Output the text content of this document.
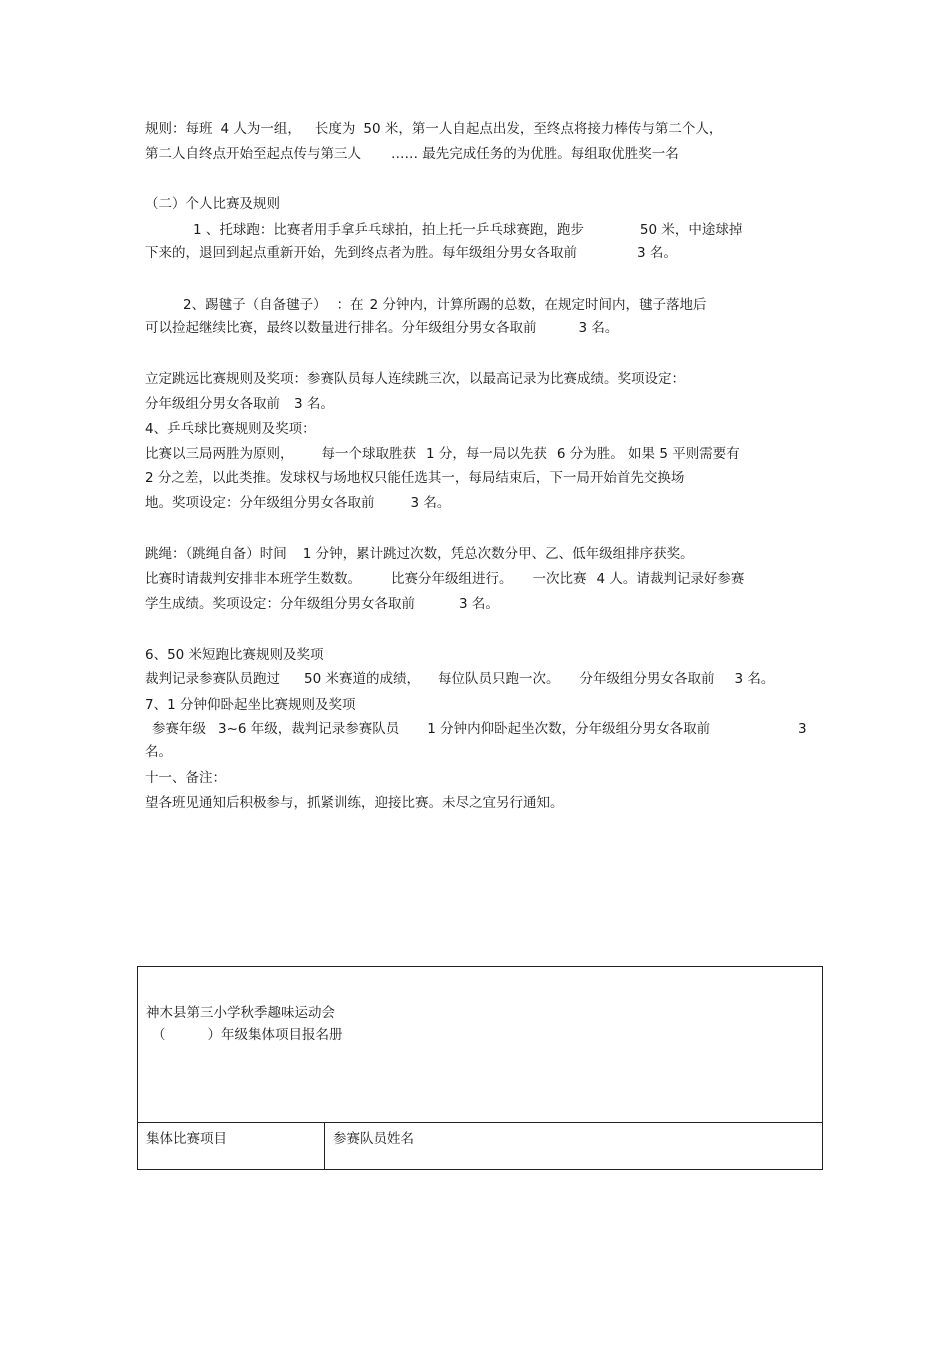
规则：每班 4 人为一组， 长度为 50 米，第一人自起点出发，至终点将接力棒传与第二个人，
第二人自终点开始至起点传与第三人 …… 最先完成任务的为优胜。每组取优胜奖一名
（二）个人比赛及规则
1 、托球跑：比赛者用手拿乒乓球拍，拍上托一乒乓球赛跑，跑步	50 米，中途球掉
下来的，退回到起点重新开始，先到终点者为胜。每年级组分男女各取前	3 名。
2、踢毽子（自备毽子） ：在 2 分钟内，计算所踢的总数，在规定时间内，毽子落地后
可以捡起继续比赛，最终以数量进行排名。分年级组分男女各取前	3 名。
立定跳远比赛规则及奖项：参赛队员每人连续跳三次，以最高记录为比赛成绩。奖项设定：
分年级组分男女各取前 3 名。
4、乒乓球比赛规则及奖项：
比赛以三局两胜为原则， 每一个球取胜获 1 分，每一局以先获 6 分为胜。 如果 5 平则需要有
2 分之差，以此类推。发球权与场地权只能任选其一，每局结束后，下一局开始首先交换场
地。奖项设定：分年级组分男女各取前	3 名。
跳绳：（跳绳自备）时间 1 分钟，累计跳过次数，凭总次数分甲、乙、低年级组排序获奖。
比赛时请裁判安排非本班学生数数。 比赛分年级组进行。 一次比赛 4 人。请裁判记录好参赛
学生成绩。奖项设定：分年级组分男女各取前	3 名。
6、50 米短跑比赛规则及奖项
裁判记录参赛队员跑过 50 米赛道的成绩， 每位队员只跑一次。 分年级组分男女各取前 3 名。
7、1 分钟仰卧起坐比赛规则及奖项
参赛年级 3~6 年级，裁判记录参赛队员 1 分钟内仰卧起坐次数，分年级组分男女各取前	3
名。
十一、备注：
望各班见通知后积极参与，抓紧训练，迎接比赛。未尽之宜另行通知。
神木县第三小学秋季趣味运动会
（	）年级集体项目报名册
集体比赛项目	参赛队员姓名
